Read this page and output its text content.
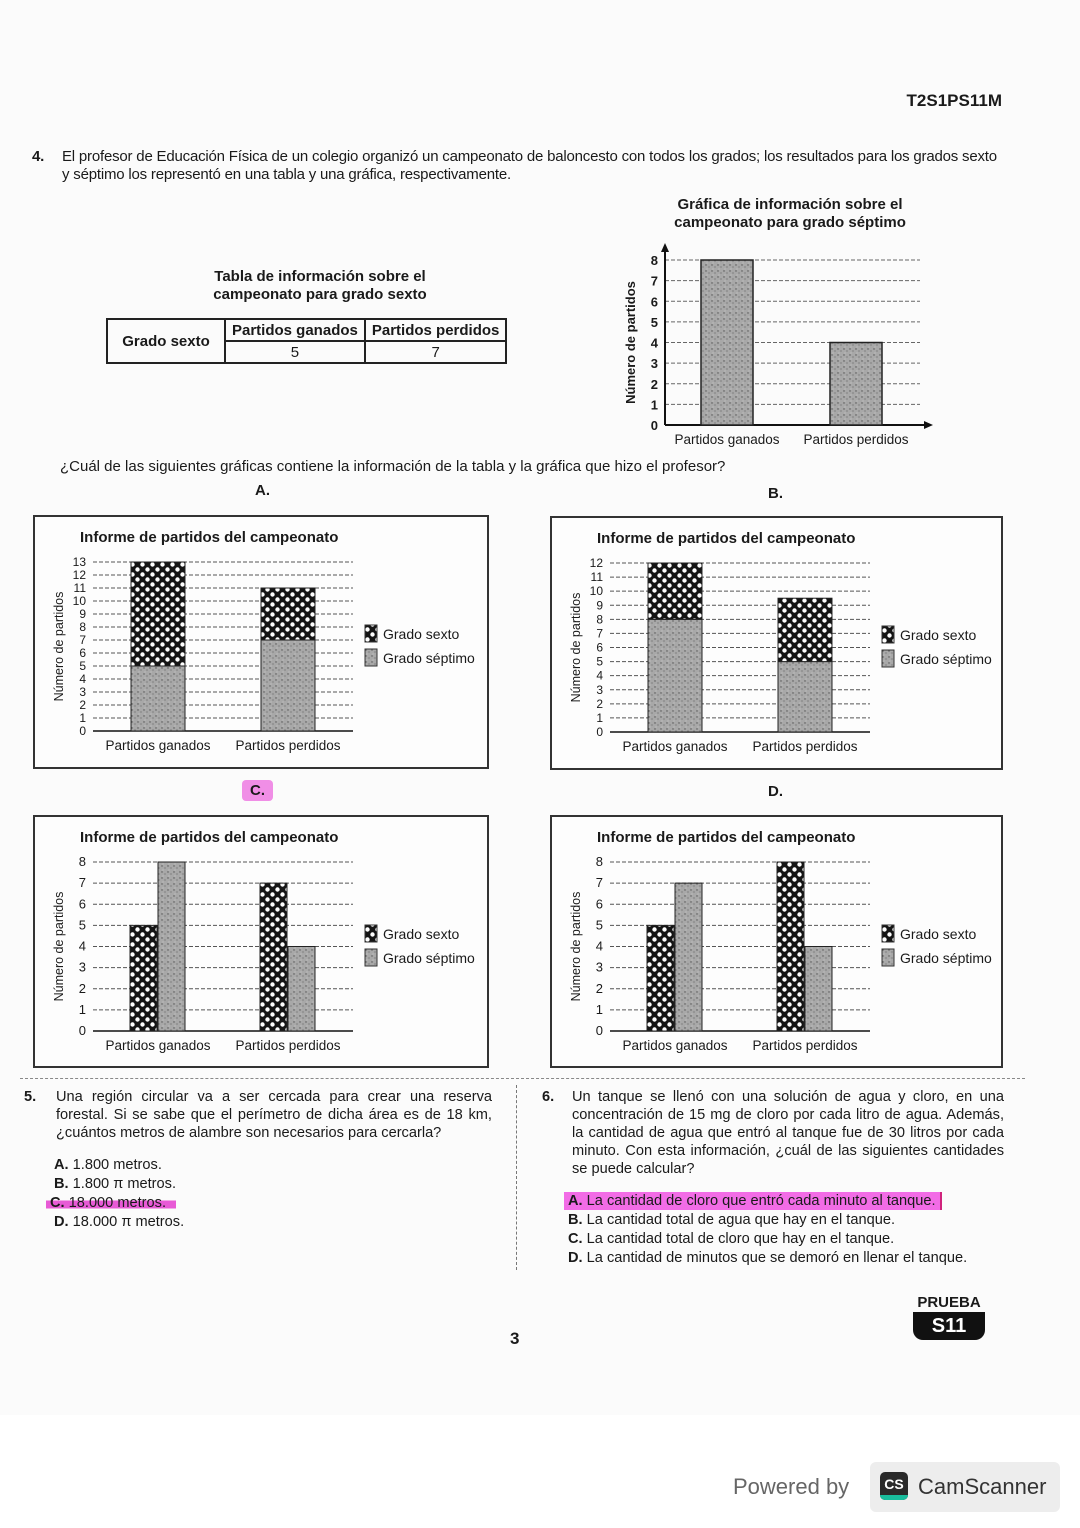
T2S1PS11M
4. El profesor de Educación Física de un colegio organizó un campeonato de baloncesto con todos los grados; los resultados para los grados sexto y séptimo los representó en una tabla y una gráfica, respectivamente.
Tabla de información sobre el
campeonato para grado sexto
Grado sexto	Partidos ganados	Partidos perdidos
	5	7
Gráfica de información sobre el
campeonato para grado séptimo
0
1
2
3
4
5
6
7
8
Partidos ganados Partidos perdidos
Número de partidos
¿Cuál de las siguientes gráficas contiene la información de la tabla y la gráfica que hizo el profesor?
A.	B.
C.	D.
Informe de partidos del campeonato
0
1
2
3
4
5
6
7
8
9
10
11
12
13
Número de partidos
Partidos ganados Partidos perdidos
Grado sexto
Grado séptimo
Informe de partidos del campeonato
0
1
2
3
4
5
6
7
8
9
10
11
12
Número de partidos
Partidos ganados Partidos perdidos
Grado sexto
Grado séptimo
Informe de partidos del campeonato
0
1
2
3
4
5
6
7
8
Número de partidos
Partidos ganados Partidos perdidos
Grado sexto
Grado séptimo
Informe de partidos del campeonato
0
1
2
3
4
5
6
7
8
Número de partidos
Partidos ganados Partidos perdidos
Grado sexto
Grado séptimo
5. Una región circular va a ser cercada para crear una reserva forestal. Si se sabe que el perímetro de dicha área es de 18 km, ¿cuántos metros de alambre son necesarios para cercarla?
A. 1.800 metros.
B. 1.800 π metros.
C. 18.000 metros.
D. 18.000 π metros.
6. Un tanque se llenó con una solución de agua y cloro, en una concentración de 15 mg de cloro por cada litro de agua. Además, la cantidad de agua que entró al tanque fue de 30 litros por cada minuto. Con esta información, ¿cuál de las siguientes cantidades se puede calcular?
A. La cantidad de cloro que entró cada minuto al tanque.
B. La cantidad total de agua que hay en el tanque.
C. La cantidad total de cloro que hay en el tanque.
D. La cantidad de minutos que se demoró en llenar el tanque.
3
PRUEBA
S11
Powered by	CS CamScanner
